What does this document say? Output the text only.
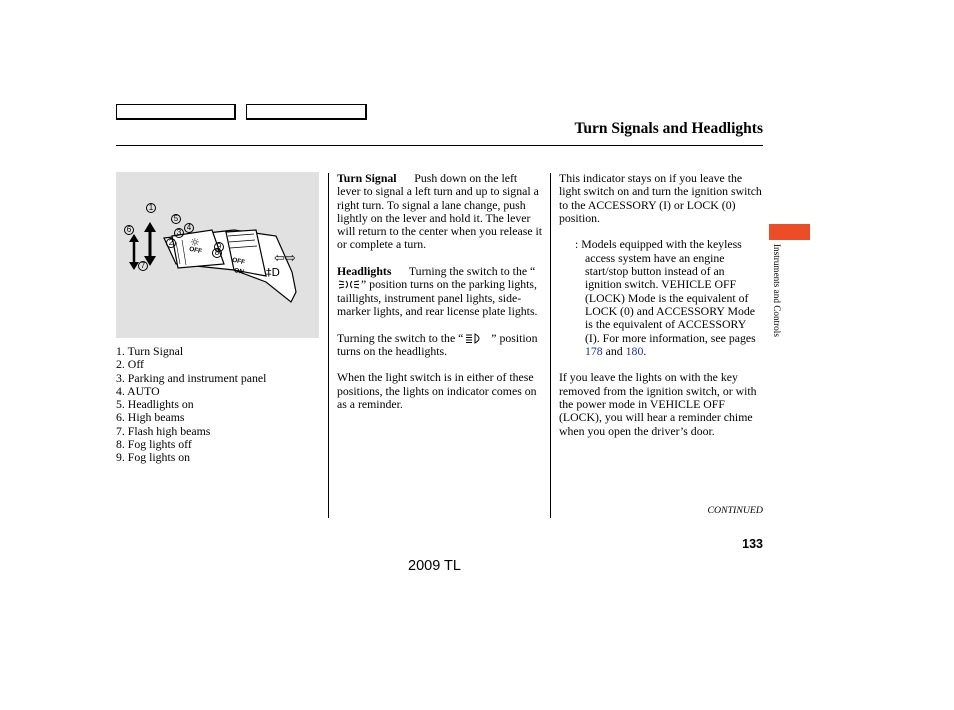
Turn Signals and Headlights
⇦⇨
‡D
☼
1
2
3
4
5
6
7
8
9
OFF
OFF
ON
1. Turn Signal
2. Off
3. Parking and instrument panel
4. AUTO
5. Headlights on
6. High beams
7. Flash high beams
8. Fog lights off
9. Fog lights on

Turn Signal Push down on the left lever to signal a left turn and up to signal a right turn. To signal a lane change, push lightly on the lever and hold it. The lever will return to the center when you release it or complete a turn.

Headlights Turning the switch to the “” position turns on the parking lights, taillights, instrument panel lights, side-marker lights, and rear license plate lights.

Turning the switch to the “ ” position turns on the headlights.

When the light switch is in either of these positions, the lights on indicator comes on as a reminder.

This indicator stays on if you leave the light switch on and turn the ignition switch to the ACCESSORY (I) or LOCK (0) position.

: Models equipped with the keyless access system have an engine start/stop button instead of an ignition switch. VEHICLE OFF (LOCK) Mode is the equivalent of LOCK (0) and ACCESSORY Mode is the equivalent of ACCESSORY (I). For more information, see pages 178 and 180.

If you leave the lights on with the key removed from the ignition switch, or with the power mode in VEHICLE OFF (LOCK), you will hear a reminder chime when you open the driver’s door.

Instruments and Controls
CONTINUED
133
2009 TL
